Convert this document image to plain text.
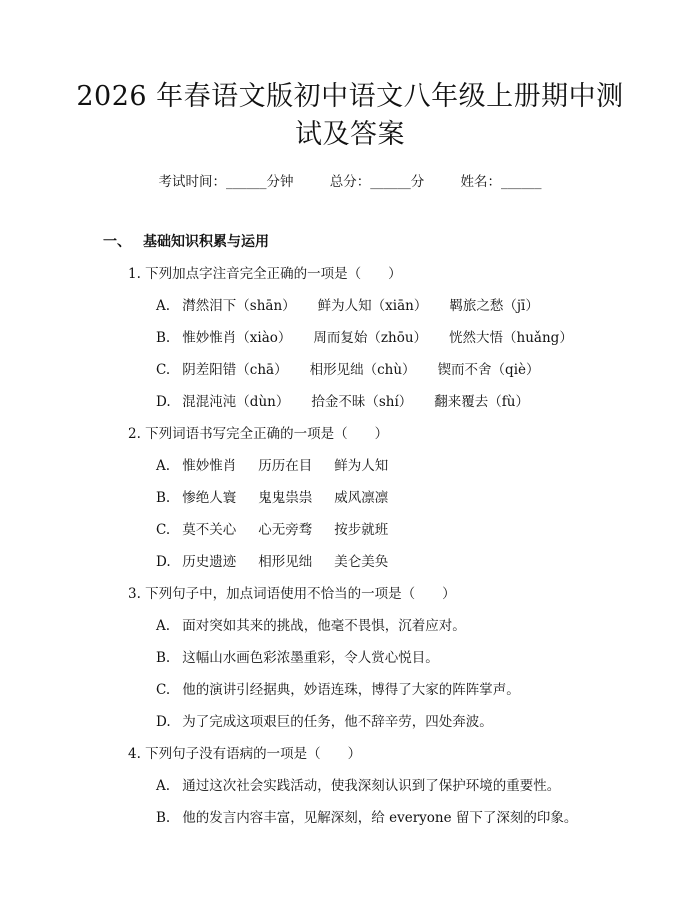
2026 年春语文版初中语文八年级上册期中测
试及答案
考试时间：______分钟	总分：______分	姓名：______
一、 基础知识积累与运用
1. 下列加点字注音完全正确的一项是（　　）
A. 潸然泪下（shān） 鲜为人知（xiān） 羁旅之愁（jī）
B. 惟妙惟肖（xiào） 周而复始（zhōu） 恍然大悟（huǎng）
C. 阴差阳错（chā） 相形见绌（chù） 锲而不舍（qiè）
D. 混混沌沌（dùn） 拾金不昧（shí） 翻来覆去（fù）
2. 下列词语书写完全正确的一项是（　　）
A. 惟妙惟肖 历历在目 鲜为人知
B. 惨绝人寰 鬼鬼祟祟 威风凛凛
C. 莫不关心 心无旁骛 按步就班
D. 历史遗迹 相形见绌 美仑美奂
3. 下列句子中，加点词语使用不恰当的一项是（　　）
A. 面对突如其来的挑战，他毫不畏惧，沉着应对。
B. 这幅山水画色彩浓墨重彩，令人赏心悦目。
C. 他的演讲引经据典，妙语连珠，博得了大家的阵阵掌声。
D. 为了完成这项艰巨的任务，他不辞辛劳，四处奔波。
4. 下列句子没有语病的一项是（　　）
A. 通过这次社会实践活动，使我深刻认识到了保护环境的重要性。
B. 他的发言内容丰富，见解深刻，给 everyone 留下了深刻的印象。
